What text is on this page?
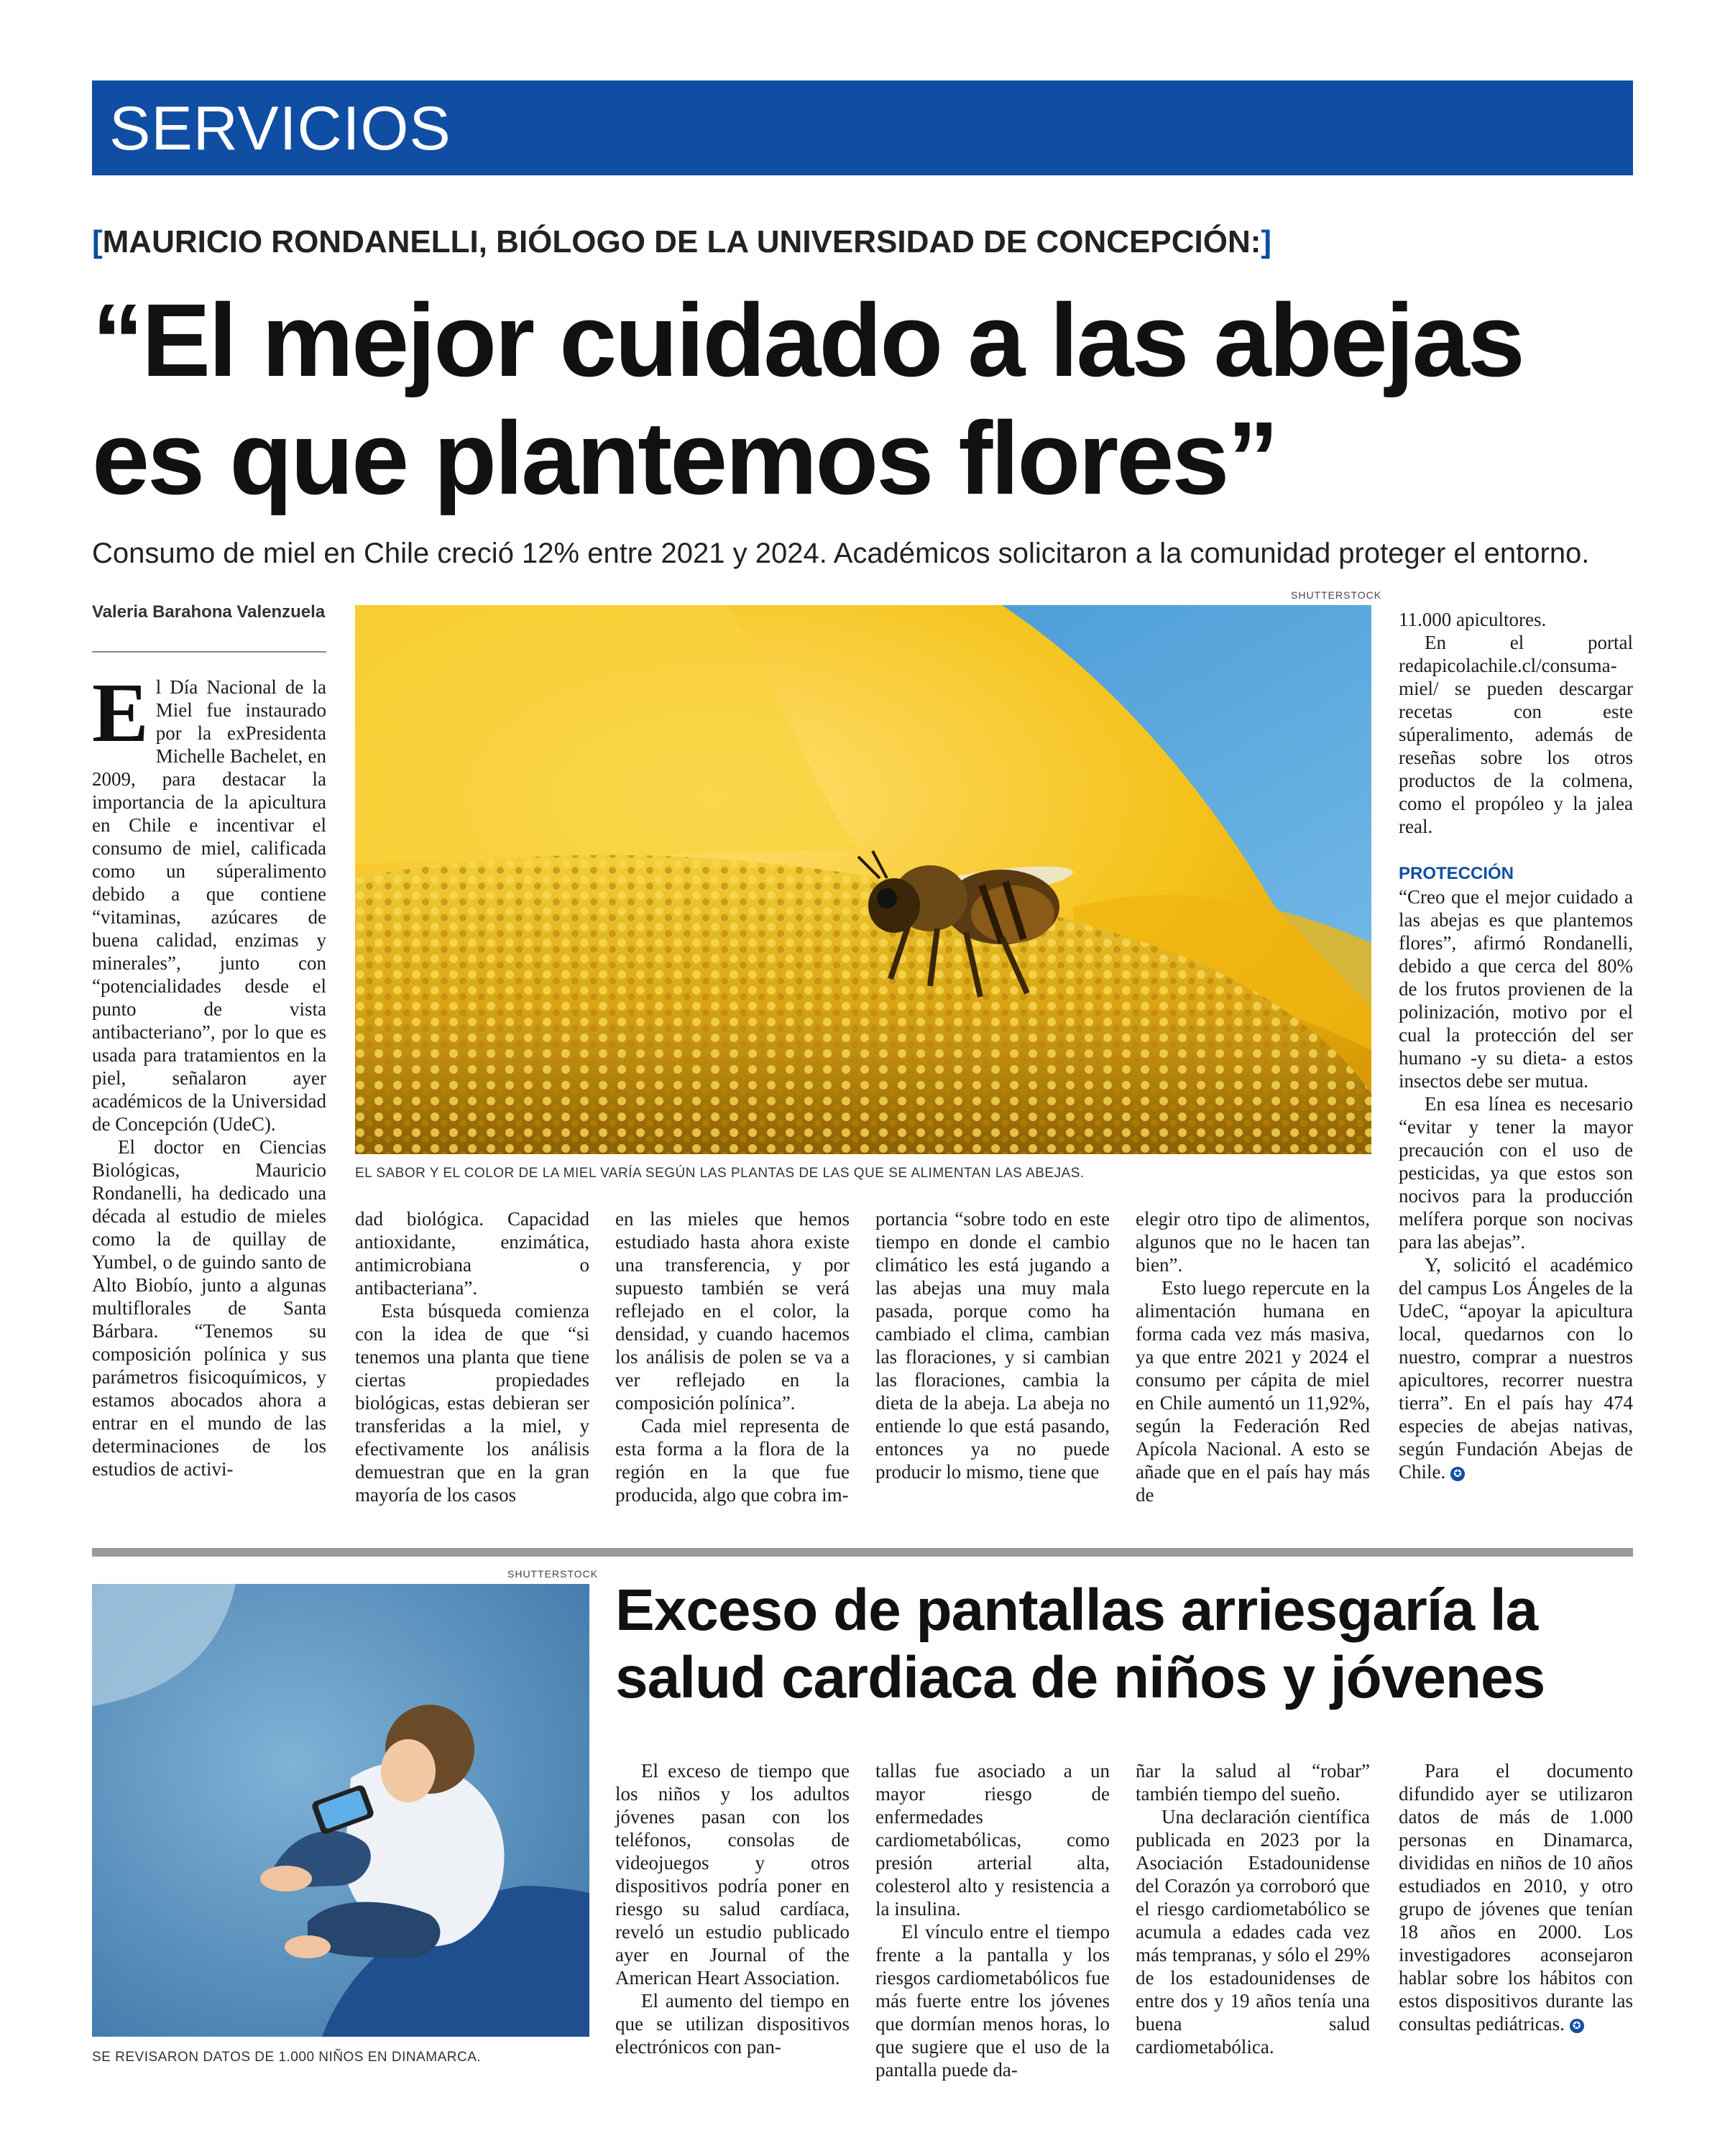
SERVICIOS
[MAURICIO RONDANELLI, BIÓLOGO DE LA UNIVERSIDAD DE CONCEPCIÓN:]
“El mejor cuidado a las abejas
es que plantemos flores”
Consumo de miel en Chile creció 12% entre 2021 y 2024. Académicos solicitaron a la comunidad proteger el entorno.
Valeria Barahona Valenzuela

El Día Nacional de la Miel fue instaurado por la exPresidenta Michelle Bachelet, en 2009, para destacar la importancia de la apicultura en Chile e incentivar el consumo de miel, calificada como un súperalimento debido a que contiene “vitaminas, azúcares de buena calidad, enzimas y minerales”, junto con “potencialidades desde el punto de vista antibacteriano”, por lo que es usada para tratamientos en la piel, señalaron ayer académicos de la Universidad de Concepción (UdeC).

El doctor en Ciencias Biológicas, Mauricio Rondanelli, ha dedicado una década al estudio de mieles como la de quillay de Yumbel, o de guindo santo de Alto Biobío, junto a algunas multiflorales de Santa Bárbara. “Tenemos su composición polínica y sus parámetros fisicoquímicos, y estamos abocados ahora a entrar en el mundo de las determinaciones de los estudios de activi-

SHUTTERSTOCK
EL SABOR Y EL COLOR DE LA MIEL VARÍA SEGÚN LAS PLANTAS DE LAS QUE SE ALIMENTAN LAS ABEJAS.

dad biológica. Capacidad antioxidante, enzimática, antimicrobiana o antibacteriana”.

Esta búsqueda comienza con la idea de que “si tenemos una planta que tiene ciertas propiedades biológicas, estas debieran ser transferidas a la miel, y efectivamente los análisis demuestran que en la gran mayoría de los casos

en las mieles que hemos estudiado hasta ahora existe una transferencia, y por supuesto también se verá reflejado en el color, la densidad, y cuando hacemos los análisis de polen se va a ver reflejado en la composición polínica”.

Cada miel representa de esta forma a la flora de la región en la que fue producida, algo que cobra im-

portancia “sobre todo en este tiempo en donde el cambio climático les está jugando a las abejas una muy mala pasada, porque como ha cambiado el clima, cambian las floraciones, y si cambian las floraciones, cambia la dieta de la abeja. La abeja no entiende lo que está pasando, entonces ya no puede producir lo mismo, tiene que

elegir otro tipo de alimentos, algunos que no le hacen tan bien”.

Esto luego repercute en la alimentación humana en forma cada vez más masiva, ya que entre 2021 y 2024 el consumo per cápita de miel en Chile aumentó un 11,92%, según la Federación Red Apícola Nacional. A esto se añade que en el país hay más de

11.000 apicultores.

En el portal redapicolachile.cl/consuma-miel/ se pueden descargar recetas con este súperalimento, además de reseñas sobre los otros productos de la colmena, como el propóleo y la jalea real.

PROTECCIÓN

“Creo que el mejor cuidado a las abejas es que plantemos flores”, afirmó Rondanelli, debido a que cerca del 80% de los frutos provienen de la polinización, motivo por el cual la protección del ser humano -y su dieta- a estos insectos debe ser mutua.

En esa línea es necesario “evitar y tener la mayor precaución con el uso de pesticidas, ya que estos son nocivos para la producción melífera porque son nocivas para las abejas”.

Y, solicitó el académico del campus Los Ángeles de la UdeC, “apoyar la apicultura local, quedarnos con lo nuestro, comprar a nuestros apicultores, recorrer nuestra tierra”. En el país hay 474 especies de abejas nativas, según Fundación Abejas de Chile. ✪

SHUTTERSTOCK
SE REVISARON DATOS DE 1.000 NIÑOS EN DINAMARCA.
Exceso de pantallas arriesgaría la
salud cardiaca de niños y jóvenes

El exceso de tiempo que los niños y los adultos jóvenes pasan con los teléfonos, consolas de videojuegos y otros dispositivos podría poner en riesgo su salud cardíaca, reveló un estudio publicado ayer en Journal of the American Heart Association.

El aumento del tiempo en que se utilizan dispositivos electrónicos con pan-

tallas fue asociado a un mayor riesgo de enfermedades cardiometabólicas, como presión arterial alta, colesterol alto y resistencia a la insulina.

El vínculo entre el tiempo frente a la pantalla y los riesgos cardiometabólicos fue más fuerte entre los jóvenes que dormían menos horas, lo que sugiere que el uso de la pantalla puede da-

ñar la salud al “robar” también tiempo del sueño.

Una declaración científica publicada en 2023 por la Asociación Estadounidense del Corazón ya corroboró que el riesgo cardiometabólico se acumula a edades cada vez más tempranas, y sólo el 29% de los estadounidenses de entre dos y 19 años tenía una buena salud cardiometabólica.

Para el documento difundido ayer se utilizaron datos de más de 1.000 personas en Dinamarca, divididas en niños de 10 años estudiados en 2010, y otro grupo de jóvenes que tenían 18 años en 2000. Los investigadores aconsejaron hablar sobre los hábitos con estos dispositivos durante las consultas pediátricas. ✪
